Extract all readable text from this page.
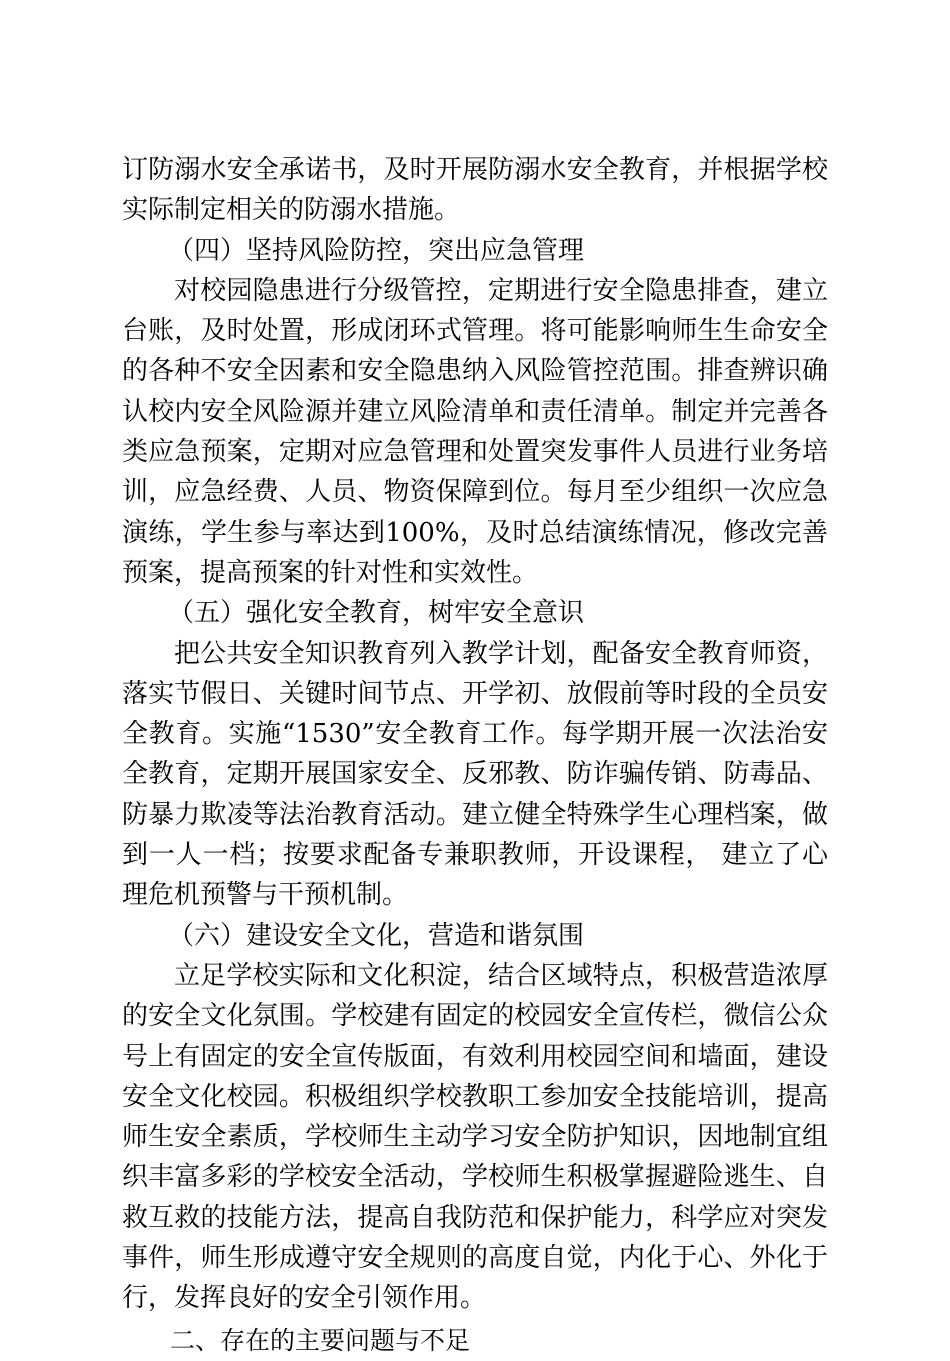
订防溺水安全承诺书，及时开展防溺水安全教育，并根据学校实际制定相关的防溺水措施。

（四）坚持风险防控，突出应急管理

对校园隐患进行分级管控，定期进行安全隐患排查，建立台账，及时处置，形成闭环式管理。将可能影响师生生命安全的各种不安全因素和安全隐患纳入风险管控范围。排查辨识确认校内安全风险源并建立风险清单和责任清单。制定并完善各类应急预案，定期对应急管理和处置突发事件人员进行业务培训，应急经费、人员、物资保障到位。每月至少组织一次应急演练，学生参与率达到100%，及时总结演练情况，修改完善预案，提高预案的针对性和实效性。

（五）强化安全教育，树牢安全意识

把公共安全知识教育列入教学计划，配备安全教育师资，落实节假日、关键时间节点、开学初、放假前等时段的全员安全教育。实施“1530”安全教育工作。每学期开展一次法治安全教育，定期开展国家安全、反邪教、防诈骗传销、防毒品、防暴力欺凌等法治教育活动。建立健全特殊学生心理档案，做到一人一档；按要求配备专兼职教师，开设课程， 建立了心理危机预警与干预机制。

（六）建设安全文化，营造和谐氛围

立足学校实际和文化积淀，结合区域特点，积极营造浓厚的安全文化氛围。学校建有固定的校园安全宣传栏，微信公众号上有固定的安全宣传版面，有效利用校园空间和墙面，建设安全文化校园。积极组织学校教职工参加安全技能培训，提高师生安全素质，学校师生主动学习安全防护知识，因地制宜组织丰富多彩的学校安全活动，学校师生积极掌握避险逃生、自救互救的技能方法，提高自我防范和保护能力，科学应对突发事件，师生形成遵守安全规则的高度自觉，内化于心、外化于行，发挥良好的安全引领作用。

二、存在的主要问题与不足
